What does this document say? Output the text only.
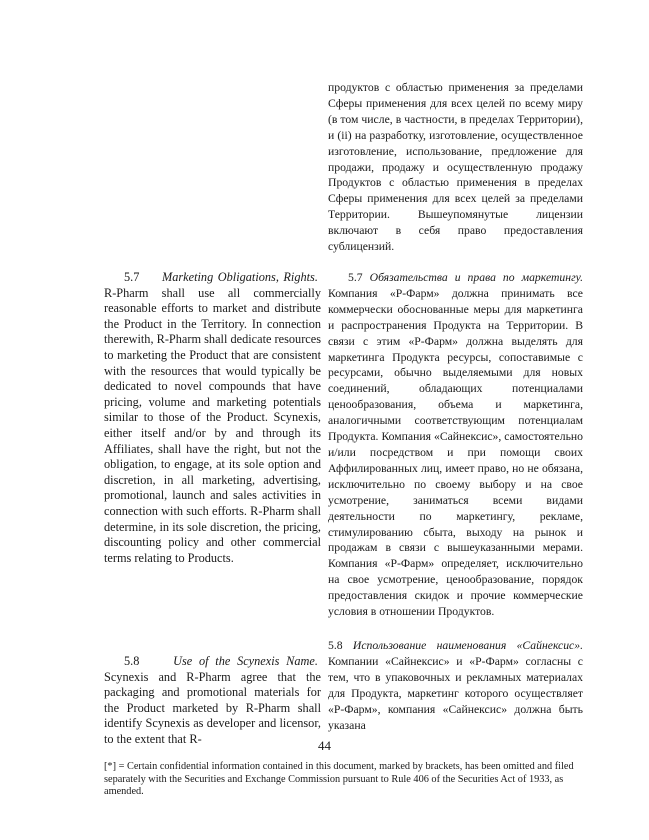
продуктов с областью применения за пределами Сферы применения для всех целей по всему миру (в том числе, в частности, в пределах Территории), и (ii) на разработку, изготовление, осуществленное изготовление, использование, предложение для продажи, продажу и осуществленную продажу Продуктов с областью применения в пределах Сферы применения для всех целей за пределами Территории. Вышеупомянутые лицензии включают в себя право предоставления сублицензий.

5.7 Marketing Obligations, Rights.  R-Pharm shall use all commercially reasonable efforts to market and distribute the Product in the Territory. In connection therewith, R-Pharm shall dedicate resources to marketing the Product that are consistent with the resources that would typically be dedicated to novel compounds that have pricing, volume and marketing potentials similar to those of the Product. Scynexis, either itself and/or by and through its Affiliates, shall have the right, but not the obligation, to engage, at its sole option and discretion, in all marketing, advertising, promotional, launch and sales activities in connection with such efforts. R-Pharm shall determine, in its sole discretion, the pricing, discounting policy and other commercial terms relating to Products.

5.7 Обязательства и права по маркетингу. Компания «Р-Фарм» должна принимать все коммерчески обоснованные меры для маркетинга и распространения Продукта на Территории. В связи с этим «Р-Фарм» должна выделять для маркетинга Продукта ресурсы, сопоставимые с ресурсами, обычно выделяемыми для новых соединений, обладающих потенциалами ценообразования, объема и маркетинга, аналогичными соответствующим потенциалам Продукта. Компания «Сайнексис», самостоятельно и/или посредством и при помощи своих Аффилированных лиц, имеет право, но не обязана, исключительно по своему выбору и на свое усмотрение, заниматься всеми видами деятельности по маркетингу, рекламе, стимулированию сбыта, выходу на рынок и продажам в связи с вышеуказанными мерами. Компания «Р-Фарм» определяет, исключительно на свое усмотрение, ценообразование, порядок предоставления скидок и прочие коммерческие условия в отношении Продуктов.

5.8	Use of the Scynexis Name.  Scynexis and R-Pharm agree that the packaging and promotional materials for the Product marketed by R-Pharm shall identify Scynexis as developer and licensor, to the extent that R-

5.8 Использование наименования «Сайнексис». Компании «Сайнексис» и «Р-Фарм» согласны с тем, что в упаковочных и рекламных материалах для Продукта, маркетинг которого осуществляет «Р-Фарм», компания «Сайнексис» должна быть указана

44
[*] = Certain confidential information contained in this document, marked by brackets, has been omitted and filed separately with the Securities and Exchange Commission pursuant to Rule 406 of the Securities Act of 1933, as amended.
